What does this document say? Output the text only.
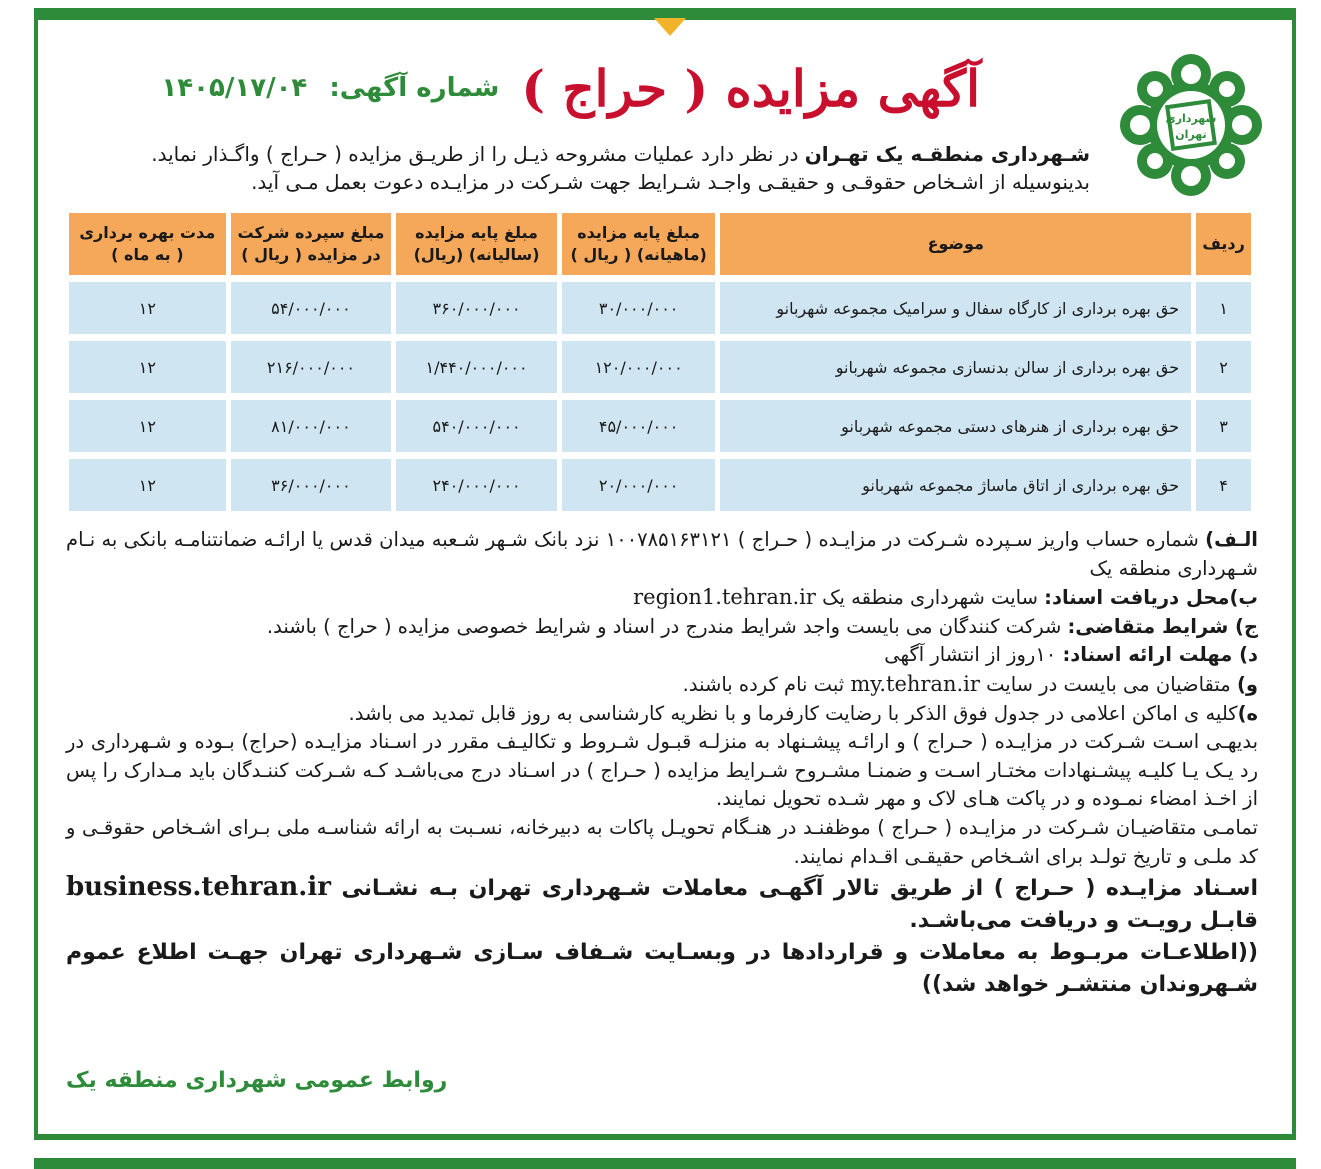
شهرداری
تهران
آگهی مزایده ( حراج )
شماره آگهی:
۱۴۰۵/۱۷/۰۴
شـهرداری منطقـه یک تهـران در نظر دارد عملیات مشروحه ذیـل را از طریـق مزایده ( حـراج ) واگـذار نماید.
بدینوسیله از اشـخاص حقوقـی و حقیقـی واجـد شـرایط جهت شـرکت در مزایـده دعوت بعمل مـی آید.
ردیف	موضوع	مبلغ پایه مزایده (ماهیانه) ( ریال )	مبلغ پایه مزایده (سالیانه) (ریال)	مبلغ سپرده شرکت در مزایده ( ریال )	مدت بهره برداری ( به ماه )
۱	حق بهره برداری از کارگاه سفال و سرامیک مجموعه شهربانو	۳۰/۰۰۰/۰۰۰	۳۶۰/۰۰۰/۰۰۰	۵۴/۰۰۰/۰۰۰	۱۲
۲	حق بهره برداری از سالن بدنسازی مجموعه شهربانو	۱۲۰/۰۰۰/۰۰۰	۱/۴۴۰/۰۰۰/۰۰۰	۲۱۶/۰۰۰/۰۰۰	۱۲
۳	حق بهره برداری از هنرهای دستی مجموعه شهربانو	۴۵/۰۰۰/۰۰۰	۵۴۰/۰۰۰/۰۰۰	۸۱/۰۰۰/۰۰۰	۱۲
۴	حق بهره برداری از اتاق ماساژ مجموعه شهربانو	۲۰/۰۰۰/۰۰۰	۲۴۰/۰۰۰/۰۰۰	۳۶/۰۰۰/۰۰۰	۱۲

الـف) شماره حساب واریز سـپرده شـرکت در مزایـده ( حـراج ) ۱۰۰۷۸۵۱۶۳۱۲۱ نزد بانک شـهر شـعبه میدان قدس یا ارائـه ضمانتنامـه بانکی به نـام شـهرداری منطقه یک

ب)محل دریافت اسناد: سایت شهرداری منطقه یک region1.tehran.ir

ج) شرایط متقاضی: شرکت کنندگان می بایست واجد شرایط مندرج در اسناد و شرایط خصوصی مزایده ( حراج ) باشند.

د) مهلت ارائه اسناد: ۱۰روز از انتشار آگهی

و) متقاضیان می بایست در سایت my.tehran.ir ثبت نام کرده باشند.

ه)کلیه ی اماکن اعلامی در جدول فوق الذکر با رضایت کارفرما و با نظریه کارشناسی به روز قابل تمدید می باشد.

بدیهـی اسـت شـرکت در مزایـده ( حـراج ) و ارائـه پیشـنهاد به منزلـه قبـول شـروط و تکالیـف مقرر در اسـناد مزایـده (حراج) بـوده و شـهرداری در رد یـک یـا کلیـه پیشـنهادات مختـار اسـت و ضمنـا مشـروح شـرایط مزایده ( حـراج ) در اسـناد درج می‌باشـد کـه شـرکت کننـدگان باید مـدارک را پس از اخـذ امضاء نمـوده و در پاکت هـای لاک و مهر شـده تحویل نمایند.

تمامـی متقاضیـان شـرکت در مزایـده ( حـراج ) موظفنـد در هنـگام تحویـل پاکات به دبیرخانه، نسـبت به ارائه شناسـه ملی بـرای اشـخاص حقوقـی و کد ملـی و تاریخ تولـد برای اشـخاص حقیقـی اقـدام نمایند.

اسـناد مزایـده ( حـراج ) از طریق تالار آگهـی معاملات شـهرداری تهران بـه نشـانی business.tehran.ir قابـل رویـت و دریافت می‌باشـد.

((اطلاعـات مربـوط به معاملات و قراردادها در وبسـایت شـفاف سـازی شـهرداری تهران جهـت اطلاع عموم شـهروندان منتشـر خواهد شد))

روابط عمومی شهرداری منطقه یک
